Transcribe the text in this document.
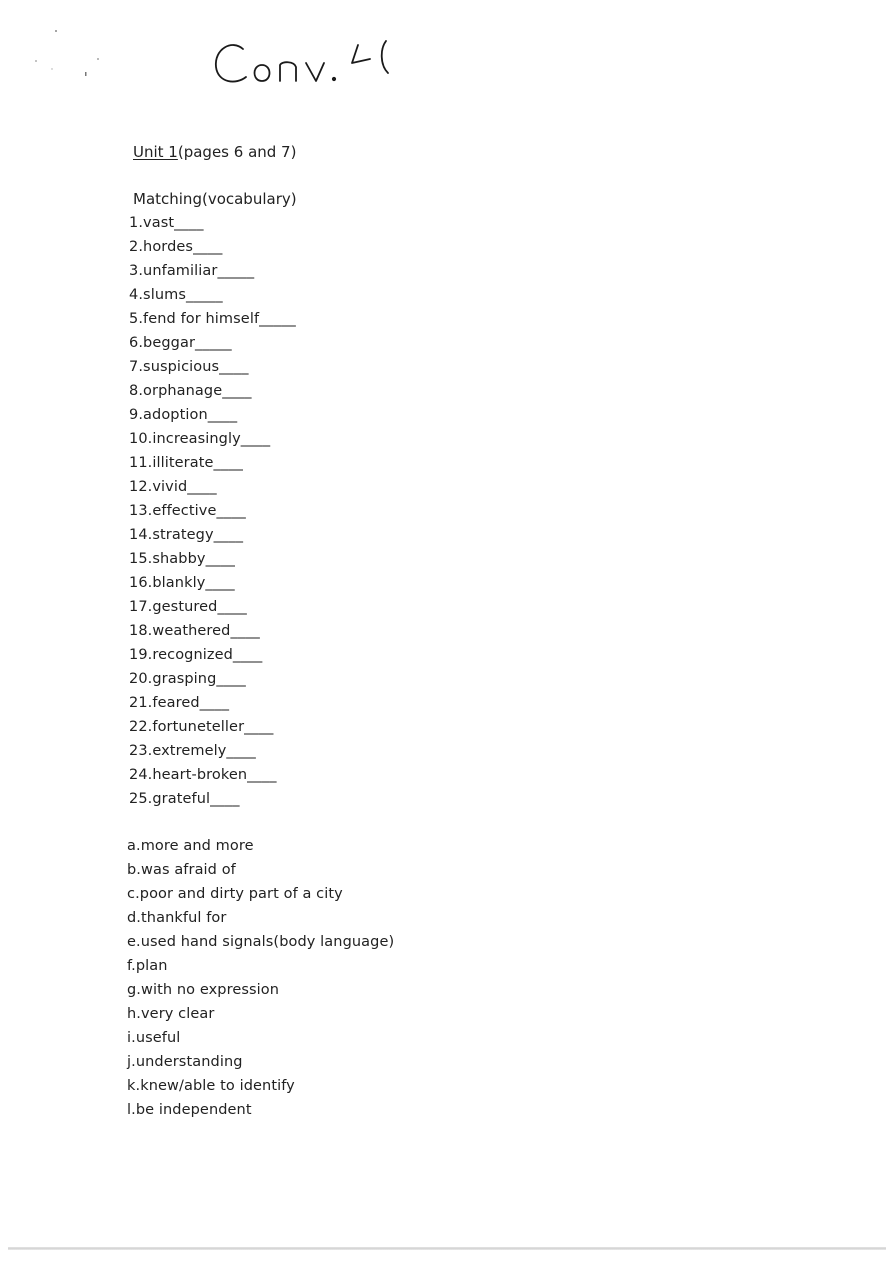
Unit 1(pages 6 and 7)
Matching(vocabulary)
1.vast____
2.hordes____
3.unfamiliar_____
4.slums_____
5.fend for himself_____
6.beggar_____
7.suspicious____
8.orphanage____
9.adoption____
10.increasingly____
11.illiterate____
12.vivid____
13.effective____
14.strategy____
15.shabby____
16.blankly____
17.gestured____
18.weathered____
19.recognized____
20.grasping____
21.feared____
22.fortuneteller____
23.extremely____
24.heart-broken____
25.grateful____
a.more and more
b.was afraid of
c.poor and dirty part of a city
d.thankful for
e.used hand signals(body language)
f.plan
g.with no expression
h.very clear
i.useful
j.understanding
k.knew/able to identify
l.be independent
